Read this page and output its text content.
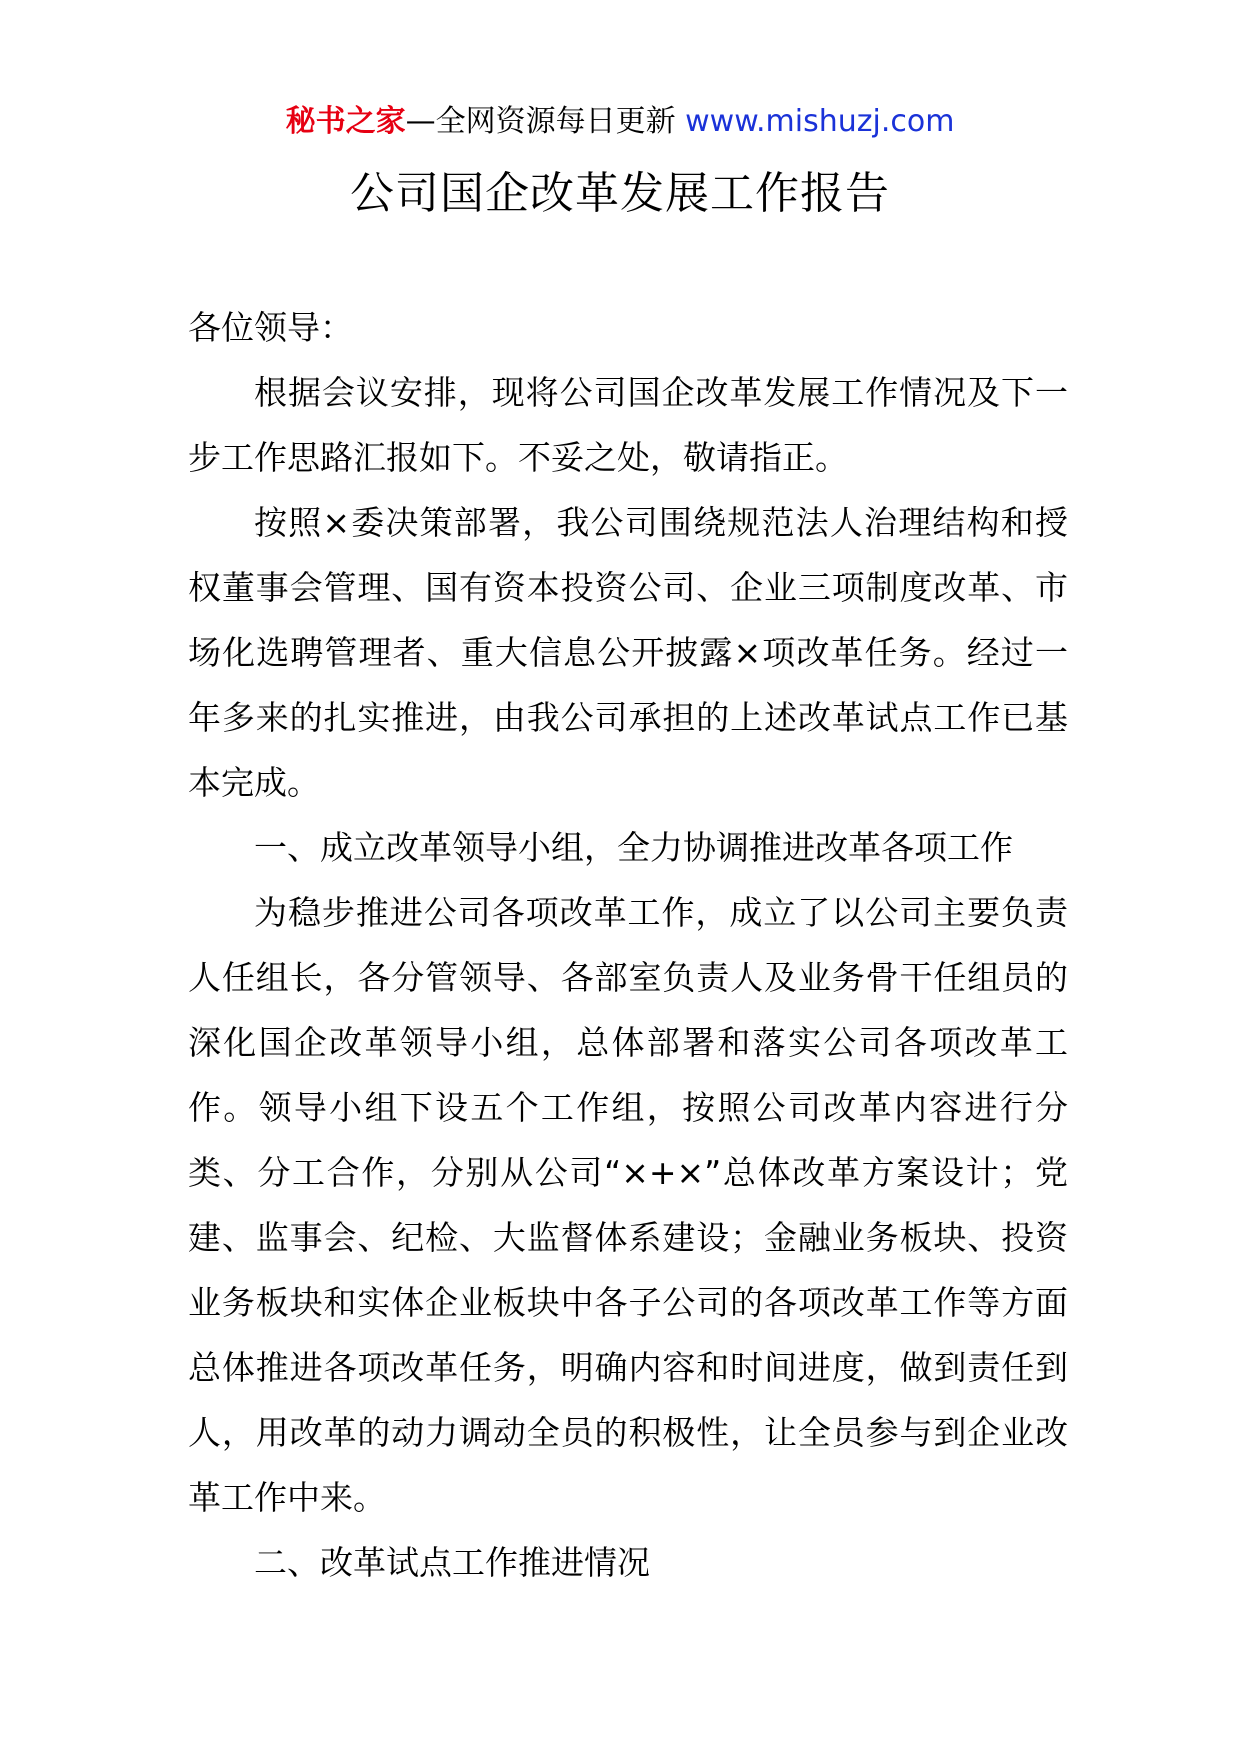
秘书之家—全网资源每日更新 www.mishuzj.com
公司国企改革发展工作报告

各位领导：

根据会议安排，现将公司国企改革发展工作情况及下一步工作思路汇报如下。不妥之处，敬请指正。

按照×委决策部署，我公司围绕规范法人治理结构和授权董事会管理、国有资本投资公司、企业三项制度改革、市场化选聘管理者、重大信息公开披露×项改革任务。经过一年多来的扎实推进，由我公司承担的上述改革试点工作已基本完成。

一、成立改革领导小组，全力协调推进改革各项工作

为稳步推进公司各项改革工作，成立了以公司主要负责人任组长，各分管领导、各部室负责人及业务骨干任组员的深化国企改革领导小组，总体部署和落实公司各项改革工作。领导小组下设五个工作组，按照公司改革内容进行分类、分工合作，分别从公司“×+×”总体改革方案设计；党建、监事会、纪检、大监督体系建设；金融业务板块、投资业务板块和实体企业板块中各子公司的各项改革工作等方面总体推进各项改革任务，明确内容和时间进度，做到责任到人，用改革的动力调动全员的积极性，让全员参与到企业改革工作中来。

二、改革试点工作推进情况
